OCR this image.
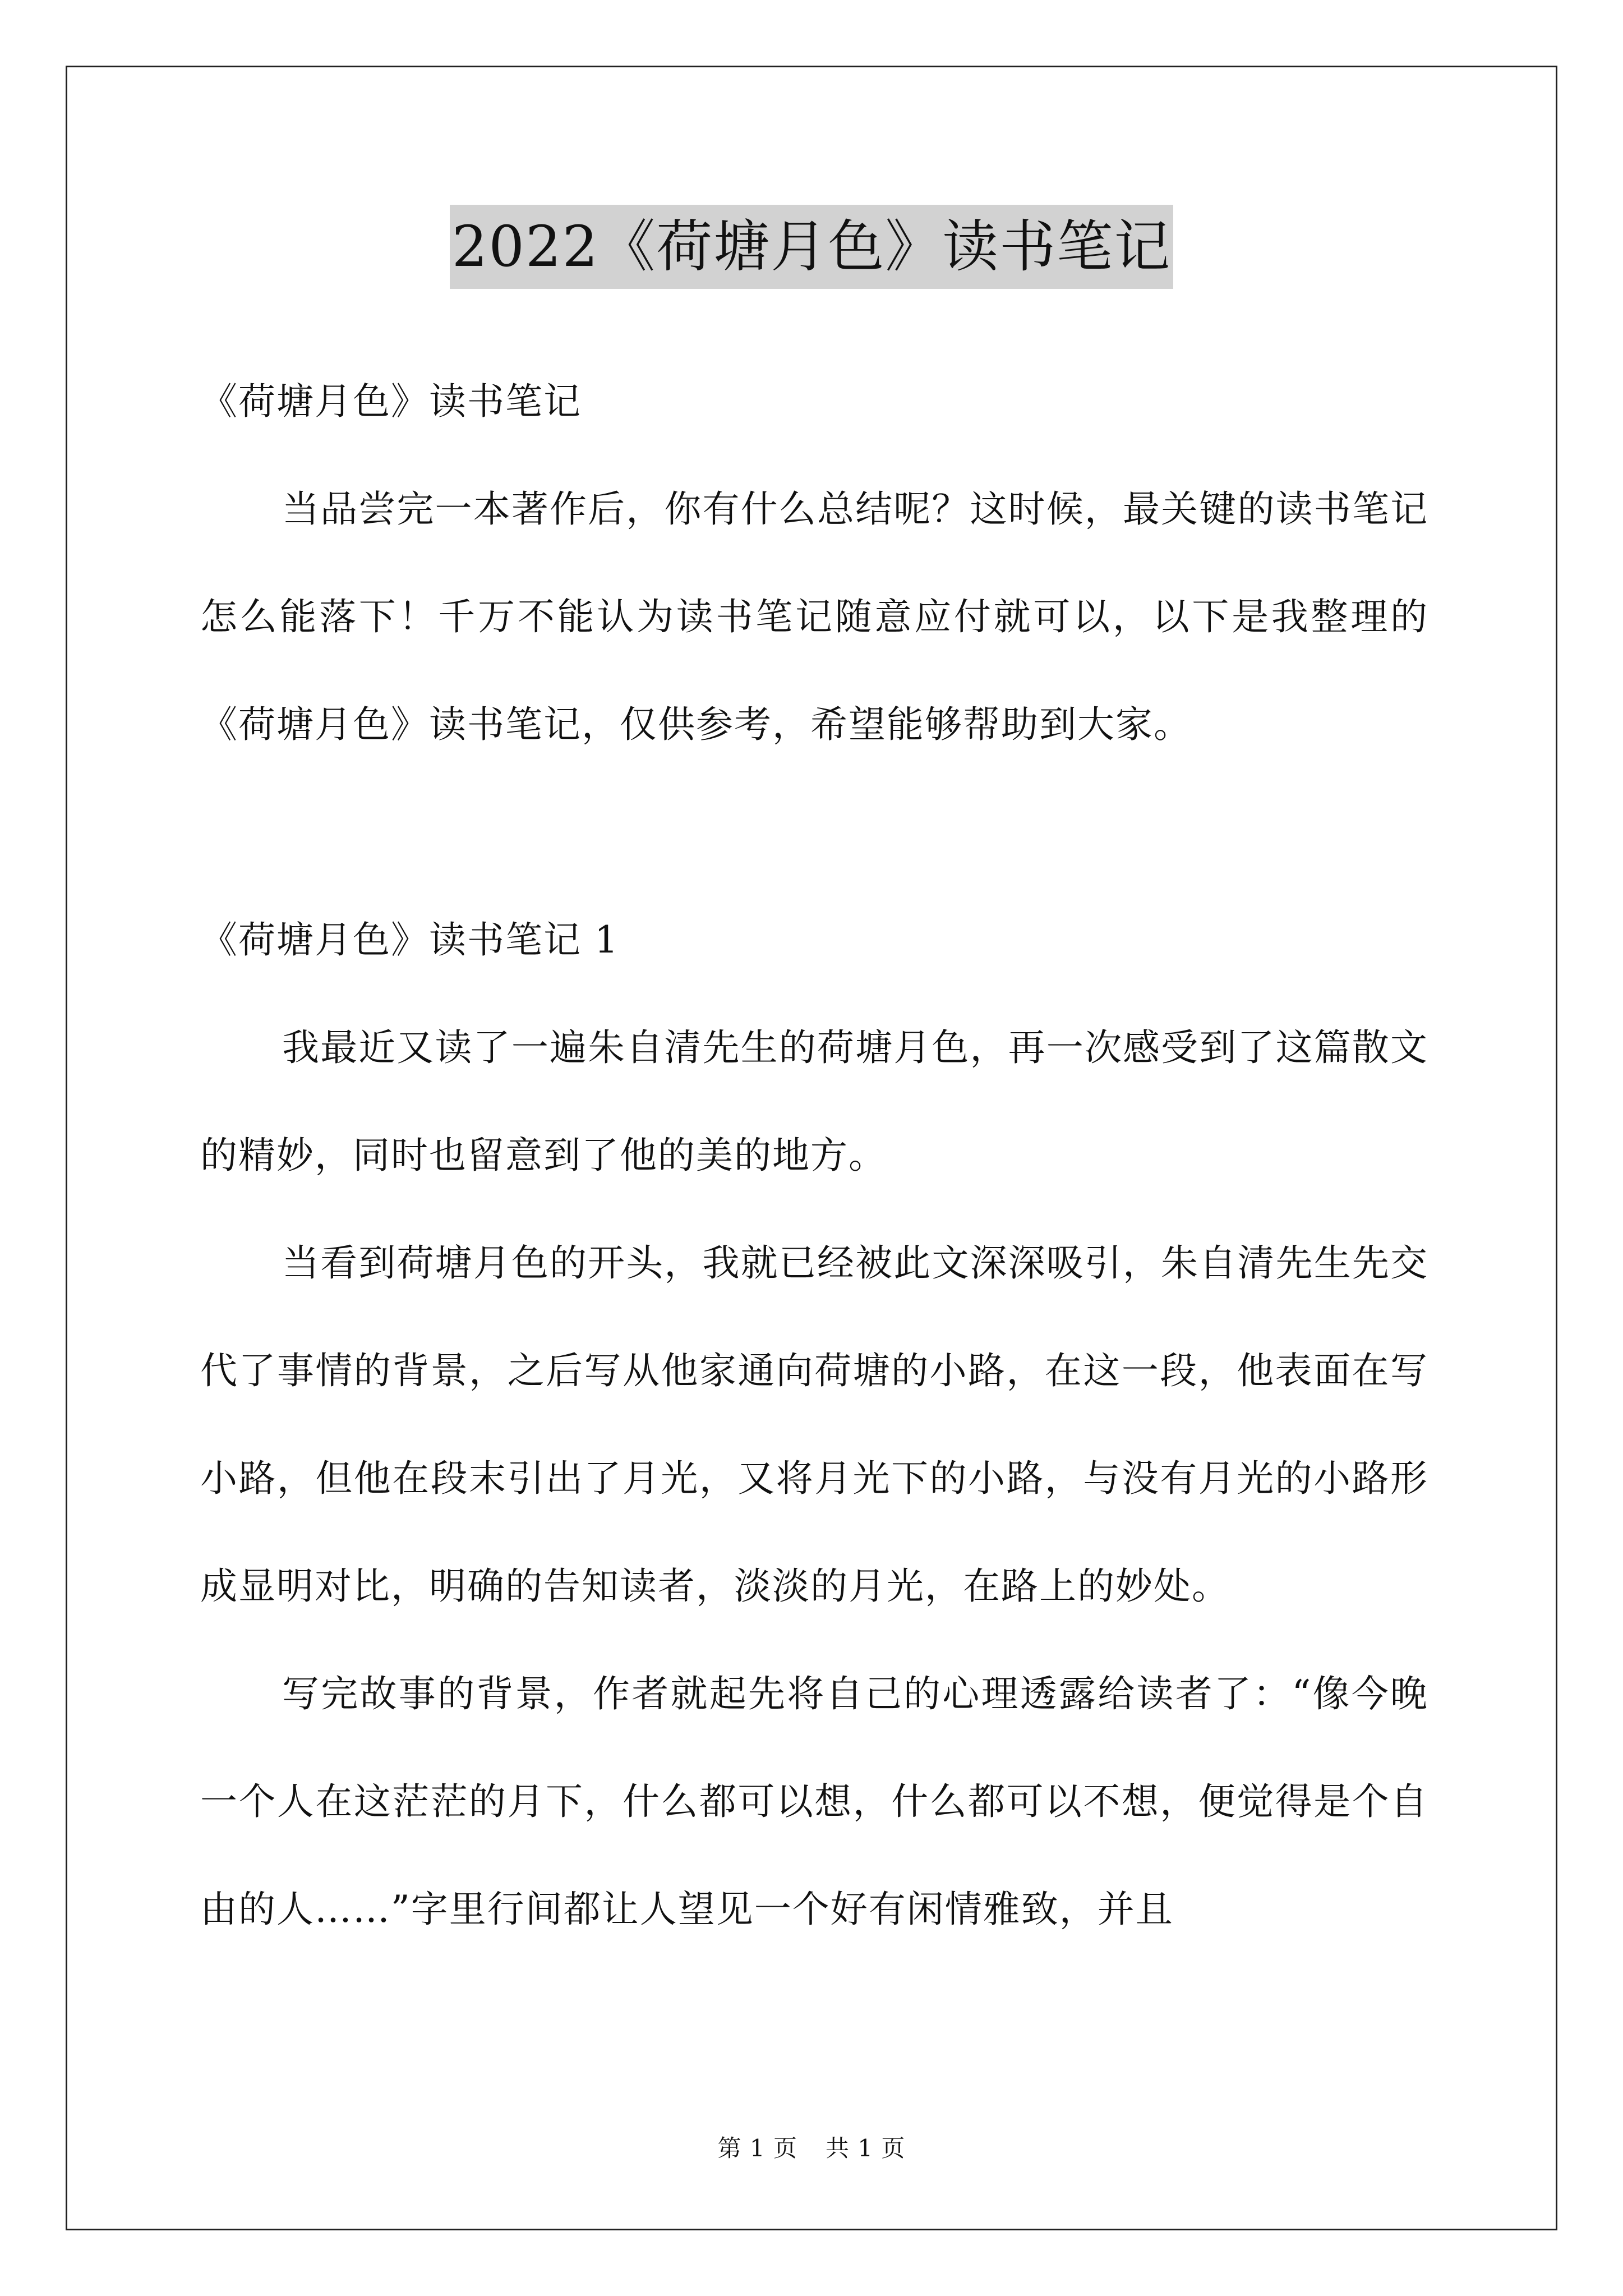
2022《荷塘月色》读书笔记
《荷塘月色》读书笔记

当品尝完一本著作后，你有什么总结呢？这时候，最关键的读书笔记怎么能落下！千万不能认为读书笔记随意应付就可以，以下是我整理的《荷塘月色》读书笔记，仅供参考，希望能够帮助到大家。

《荷塘月色》读书笔记 1

我最近又读了一遍朱自清先生的荷塘月色，再一次感受到了这篇散文的精妙，同时也留意到了他的美的地方。

当看到荷塘月色的开头，我就已经被此文深深吸引，朱自清先生先交代了事情的背景，之后写从他家通向荷塘的小路，在这一段，他表面在写小路，但他在段末引出了月光，又将月光下的小路，与没有月光的小路形成显明对比，明确的告知读者，淡淡的月光，在路上的妙处。

写完故事的背景，作者就起先将自己的心理透露给读者了：“像今晚一个人在这茫茫的月下，什么都可以想，什么都可以不想，便觉得是个自由的人……”字里行间都让人望见一个好有闲情雅致，并且

第 1 页 共 1 页
